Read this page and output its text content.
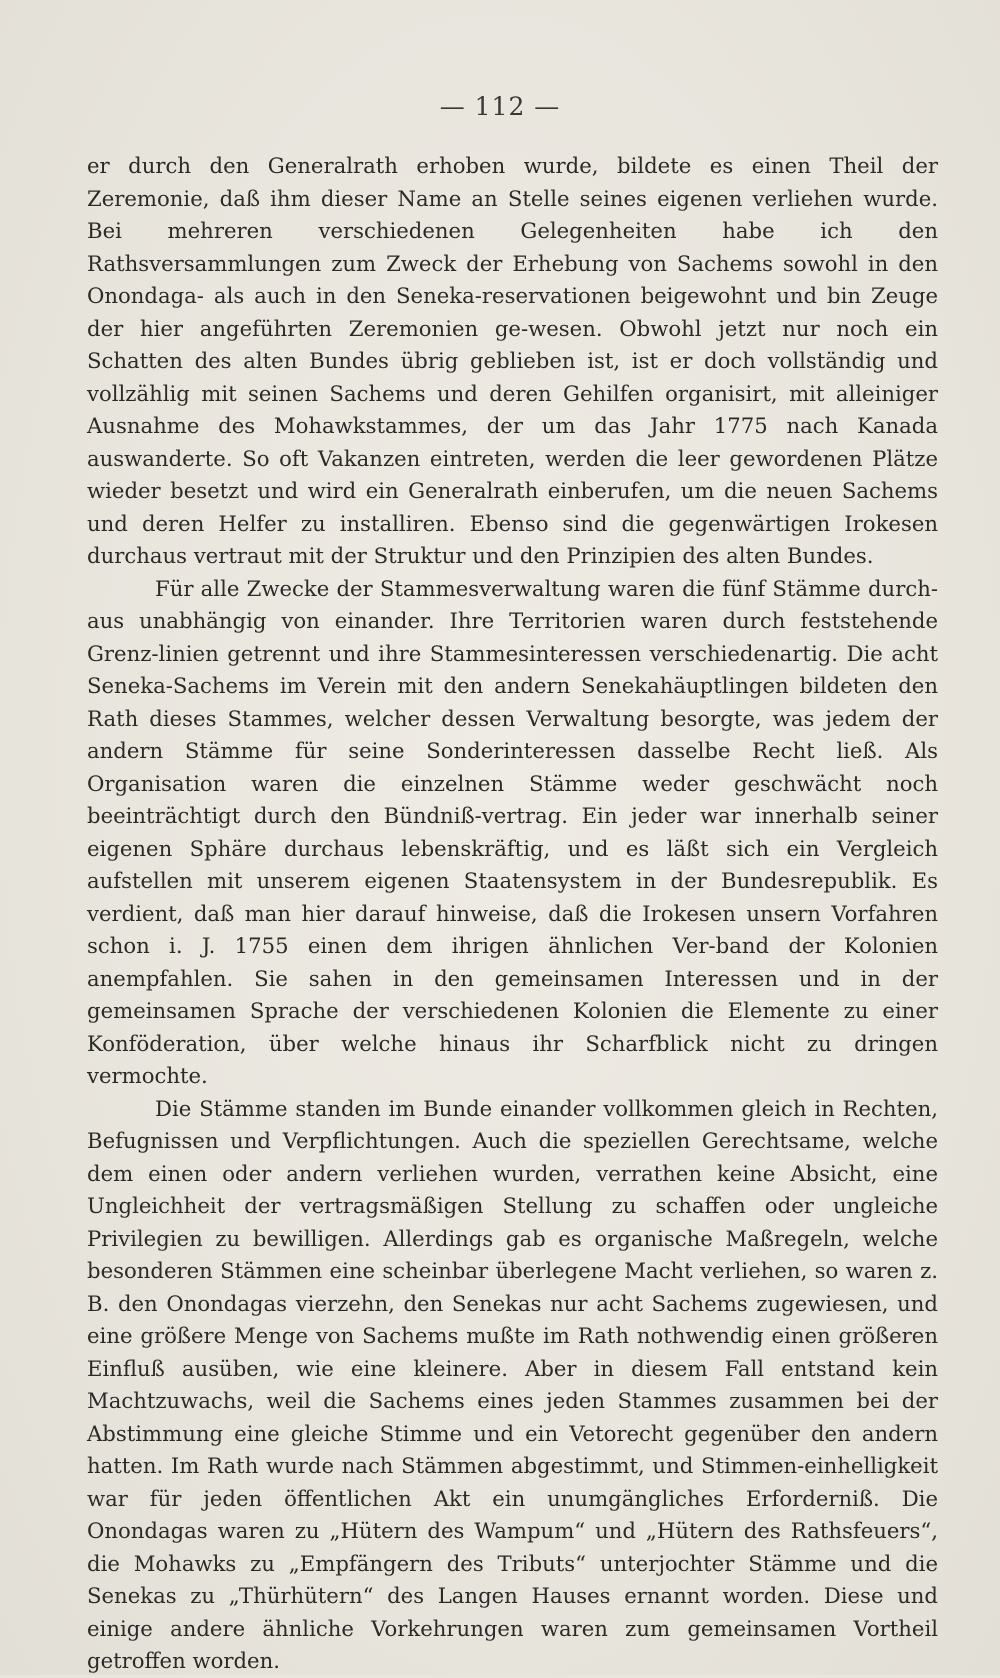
— 112 —

er durch den Generalrath erhoben wurde, bildete es einen Theil der Zeremonie, daß ihm dieser Name an Stelle seines eigenen verliehen wurde. Bei mehreren verschiedenen Gelegenheiten habe ich den Rathsversammlungen zum Zweck der Erhebung von Sachems sowohl in den Onondaga- als auch in den Seneka-reservationen beigewohnt und bin Zeuge der hier angeführten Zeremonien ge-wesen. Obwohl jetzt nur noch ein Schatten des alten Bundes übrig geblieben ist, ist er doch vollständig und vollzählig mit seinen Sachems und deren Gehilfen organisirt, mit alleiniger Ausnahme des Mohawkstammes, der um das Jahr 1775 nach Kanada auswanderte. So oft Vakanzen eintreten, werden die leer gewordenen Plätze wieder besetzt und wird ein Generalrath einberufen, um die neuen Sachems und deren Helfer zu installiren. Ebenso sind die gegenwärtigen Irokesen durchaus vertraut mit der Struktur und den Prinzipien des alten Bundes.

Für alle Zwecke der Stammesverwaltung waren die fünf Stämme durch-aus unabhängig von einander. Ihre Territorien waren durch feststehende Grenz-linien getrennt und ihre Stammesinteressen verschiedenartig. Die acht Seneka-Sachems im Verein mit den andern Senekahäuptlingen bildeten den Rath dieses Stammes, welcher dessen Verwaltung besorgte, was jedem der andern Stämme für seine Sonderinteressen dasselbe Recht ließ. Als Organisation waren die einzelnen Stämme weder geschwächt noch beeinträchtigt durch den Bündniß-vertrag. Ein jeder war innerhalb seiner eigenen Sphäre durchaus lebenskräftig, und es läßt sich ein Vergleich aufstellen mit unserem eigenen Staatensystem in der Bundesrepublik. Es verdient, daß man hier darauf hinweise, daß die Irokesen unsern Vorfahren schon i. J. 1755 einen dem ihrigen ähnlichen Ver-band der Kolonien anempfahlen. Sie sahen in den gemeinsamen Interessen und in der gemeinsamen Sprache der verschiedenen Kolonien die Elemente zu einer Konföderation, über welche hinaus ihr Scharfblick nicht zu dringen vermochte.

Die Stämme standen im Bunde einander vollkommen gleich in Rechten, Befugnissen und Verpflichtungen. Auch die speziellen Gerechtsame, welche dem einen oder andern verliehen wurden, verrathen keine Absicht, eine Ungleichheit der vertragsmäßigen Stellung zu schaffen oder ungleiche Privilegien zu bewilligen. Allerdings gab es organische Maßregeln, welche besonderen Stämmen eine scheinbar überlegene Macht verliehen, so waren z. B. den Onondagas vierzehn, den Senekas nur acht Sachems zugewiesen, und eine größere Menge von Sachems mußte im Rath nothwendig einen größeren Einfluß ausüben, wie eine kleinere. Aber in diesem Fall entstand kein Machtzuwachs, weil die Sachems eines jeden Stammes zusammen bei der Abstimmung eine gleiche Stimme und ein Vetorecht gegenüber den andern hatten. Im Rath wurde nach Stämmen abgestimmt, und Stimmen-einhelligkeit war für jeden öffentlichen Akt ein unumgängliches Erforderniß. Die Onondagas waren zu „Hütern des Wampum“ und „Hütern des Rathsfeuers“, die Mohawks zu „Empfängern des Tributs“ unterjochter Stämme und die Senekas zu „Thürhütern“ des Langen Hauses ernannt worden. Diese und einige andere ähnliche Vorkehrungen waren zum gemeinsamen Vortheil getroffen worden.
